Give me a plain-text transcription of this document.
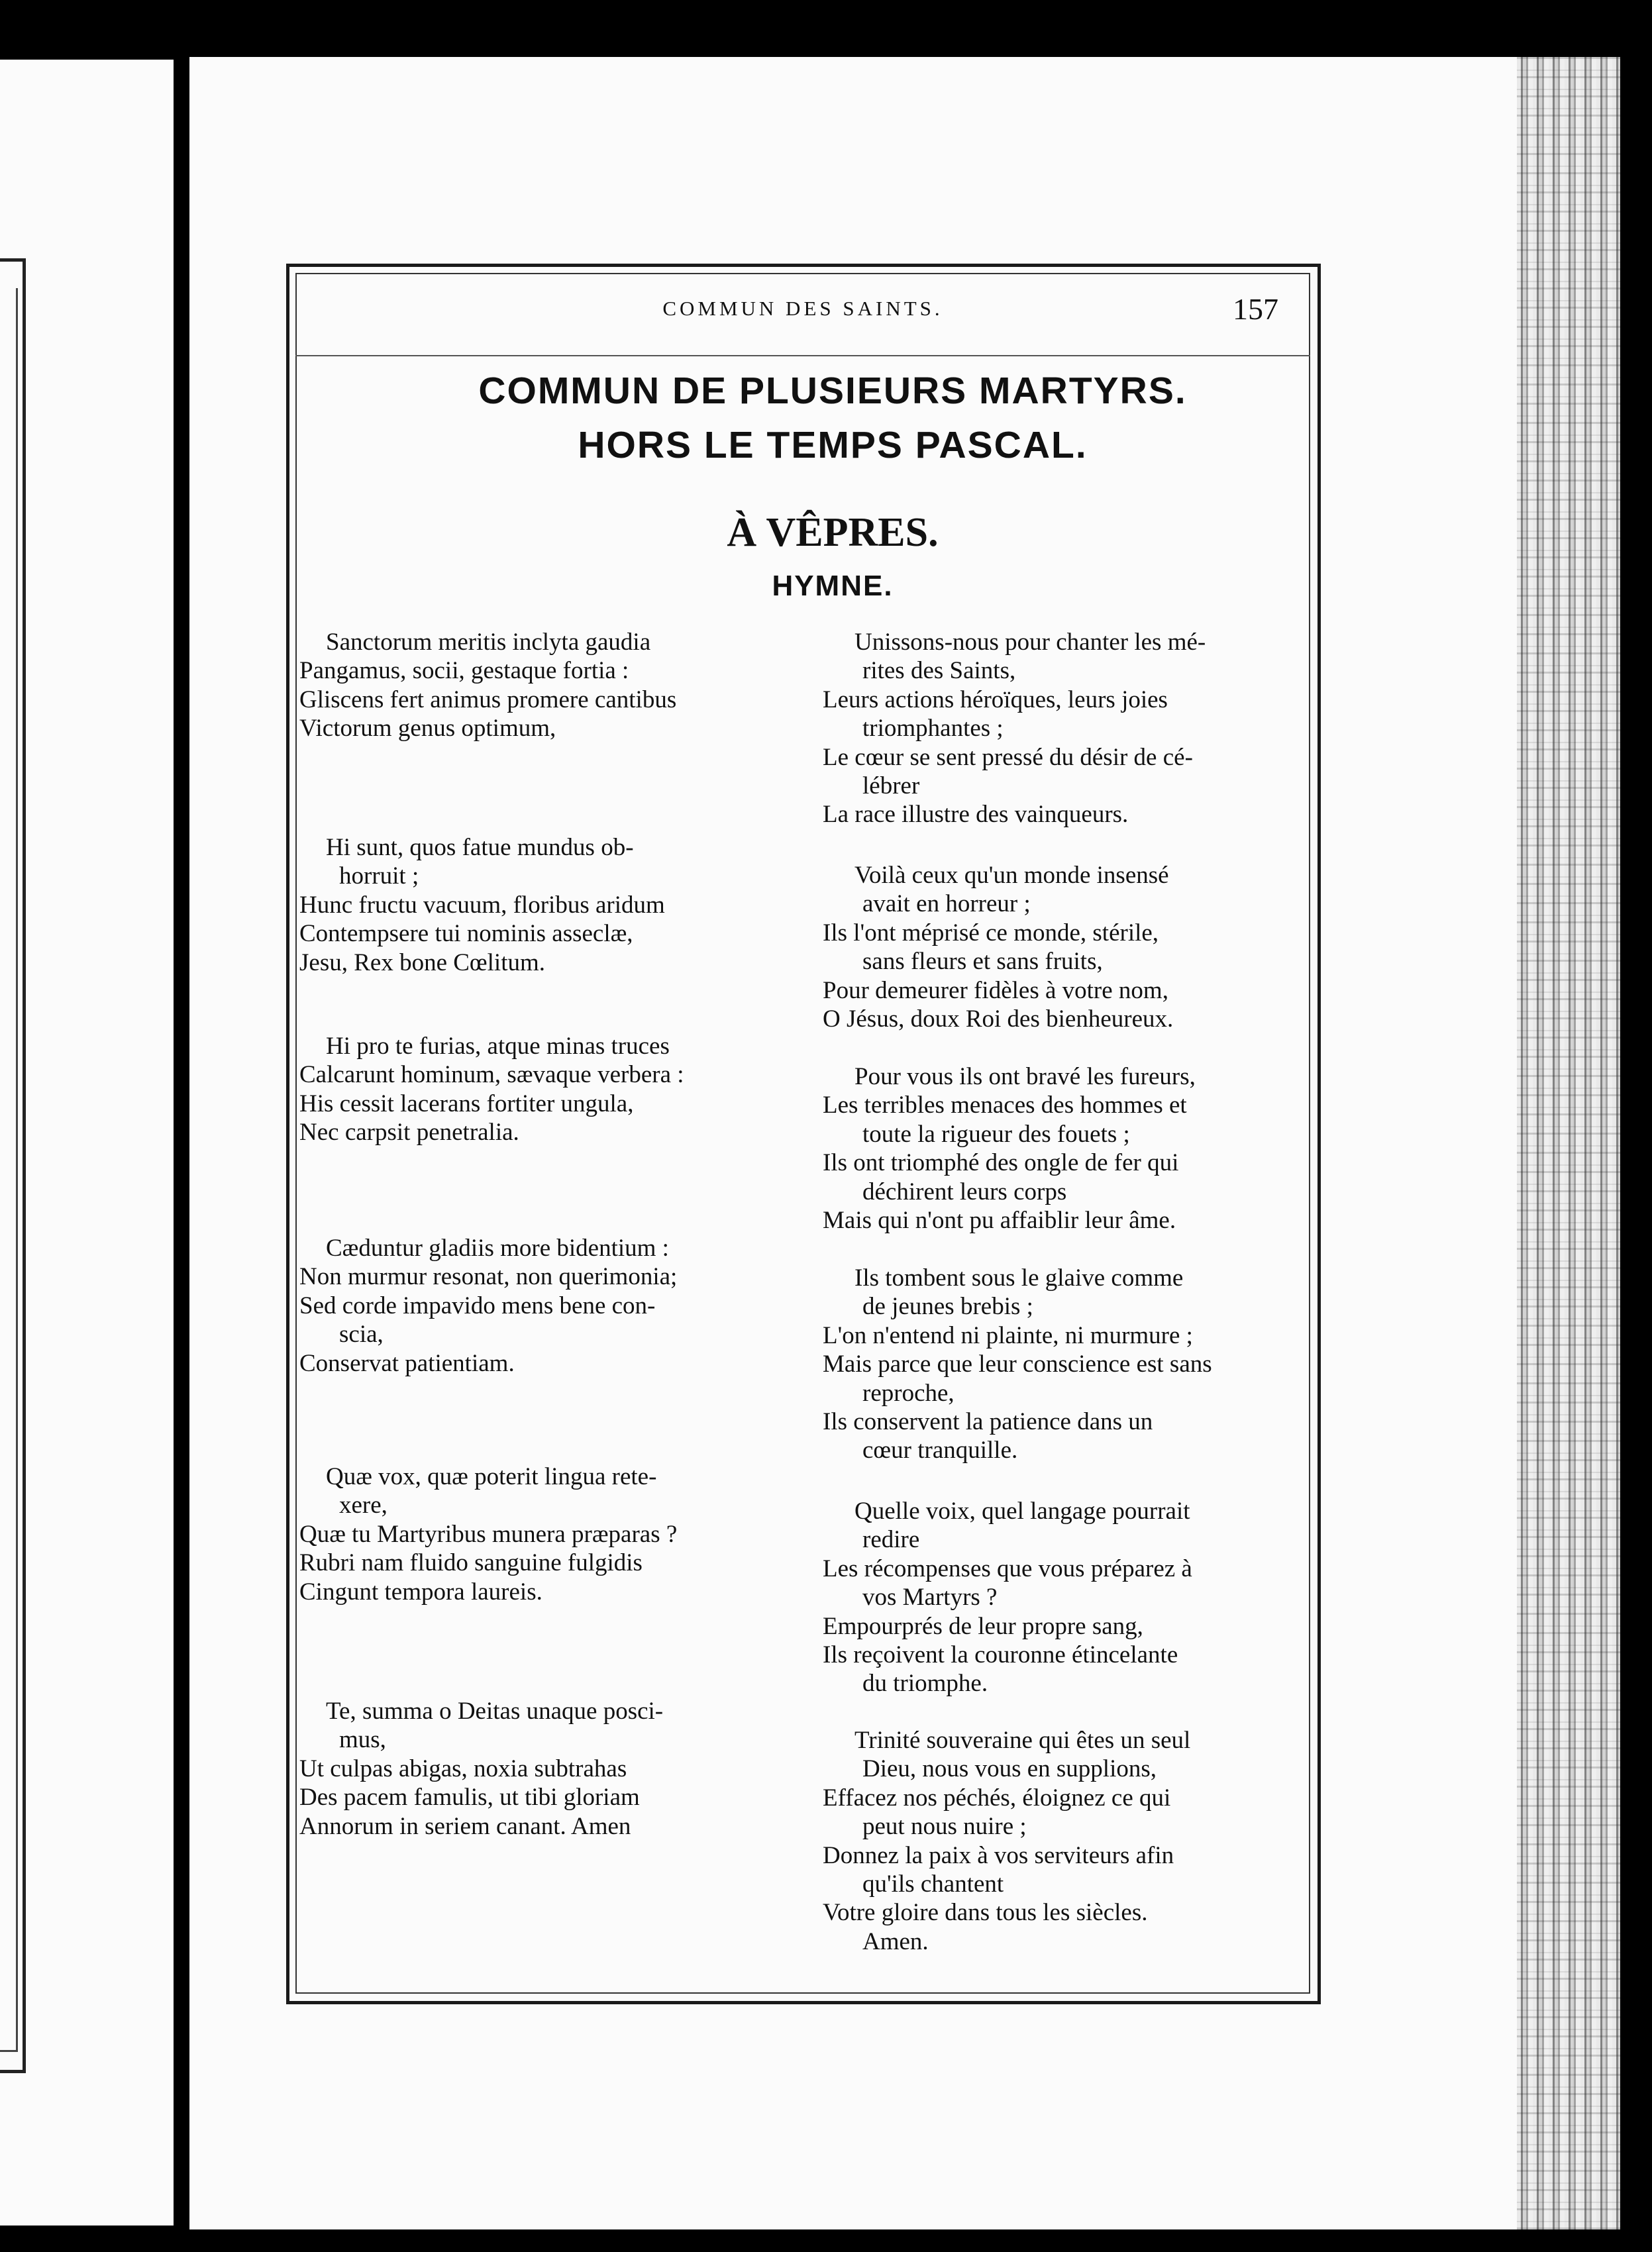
COMMUN DES SAINTS.	157
COMMUN DE PLUSIEURS MARTYRS.
HORS LE TEMPS PASCAL.
À VÊPRES.
HYMNE.
Sanctorum meritis inclyta gaudia
Pangamus, socii, gestaque fortia :
Gliscens fert animus promere cantibus
Victorum genus optimum,
Hi sunt, quos fatue mundus ob-
horruit ;
Hunc fructu vacuum, floribus aridum
Contempsere tui nominis asseclæ,
Jesu, Rex bone Cœlitum.
Hi pro te furias, atque minas truces
Calcarunt hominum, sævaque verbera :
His cessit lacerans fortiter ungula,
Nec carpsit penetralia.
Cæduntur gladiis more bidentium :
Non murmur resonat, non querimonia;
Sed corde impavido mens bene con-
scia,
Conservat patientiam.
Quæ vox, quæ poterit lingua rete-
xere,
Quæ tu Martyribus munera præparas ?
Rubri nam fluido sanguine fulgidis
Cingunt tempora laureis.
Te, summa o Deitas unaque posci-
mus,
Ut culpas abigas, noxia subtrahas
Des pacem famulis, ut tibi gloriam
Annorum in seriem canant. Amen
Unissons-nous pour chanter les mé-
rites des Saints,
Leurs actions héroïques, leurs joies
triomphantes ;
Le cœur se sent pressé du désir de cé-
lébrer
La race illustre des vainqueurs.
Voilà ceux qu'un monde insensé
avait en horreur ;
Ils l'ont méprisé ce monde, stérile,
sans fleurs et sans fruits,
Pour demeurer fidèles à votre nom,
O Jésus, doux Roi des bienheureux.
Pour vous ils ont bravé les fureurs,
Les terribles menaces des hommes et
toute la rigueur des fouets ;
Ils ont triomphé des ongle de fer qui
déchirent leurs corps
Mais qui n'ont pu affaiblir leur âme.
Ils tombent sous le glaive comme
de jeunes brebis ;
L'on n'entend ni plainte, ni murmure ;
Mais parce que leur conscience est sans
reproche,
Ils conservent la patience dans un
cœur tranquille.
Quelle voix, quel langage pourrait
redire
Les récompenses que vous préparez à
vos Martyrs ?
Empourprés de leur propre sang,
Ils reçoivent la couronne étincelante
du triomphe.
Trinité souveraine qui êtes un seul
Dieu, nous vous en supplions,
Effacez nos péchés, éloignez ce qui
peut nous nuire ;
Donnez la paix à vos serviteurs afin
qu'ils chantent
Votre gloire dans tous les siècles.
Amen.
